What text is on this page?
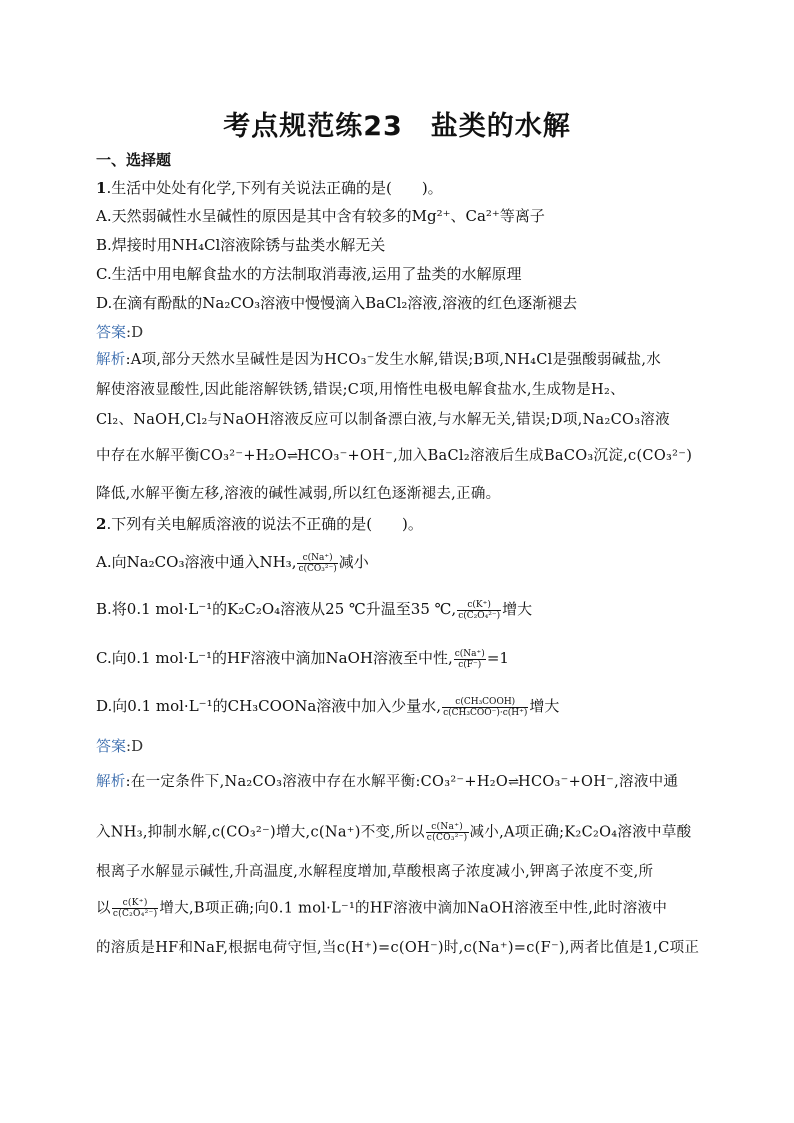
考点规范练23　盐类的水解
一、选择题
1.生活中处处有化学,下列有关说法正确的是(　　)。
A.天然弱碱性水呈碱性的原因是其中含有较多的Mg²⁺、Ca²⁺等离子
B.焊接时用NH₄Cl溶液除锈与盐类水解无关
C.生活中用电解食盐水的方法制取消毒液,运用了盐类的水解原理
D.在滴有酚酞的Na₂CO₃溶液中慢慢滴入BaCl₂溶液,溶液的红色逐渐褪去
答案:D
解析:A项,部分天然水呈碱性是因为HCO₃⁻发生水解,错误;B项,NH₄Cl是强酸弱碱盐,水
解使溶液显酸性,因此能溶解铁锈,错误;C项,用惰性电极电解食盐水,生成物是H₂、
Cl₂、NaOH,Cl₂与NaOH溶液反应可以制备漂白液,与水解无关,错误;D项,Na₂CO₃溶液
中存在水解平衡CO₃²⁻+H₂O⇌HCO₃⁻+OH⁻,加入BaCl₂溶液后生成BaCO₃沉淀,c(CO₃²⁻)
降低,水解平衡左移,溶液的碱性减弱,所以红色逐渐褪去,正确。
2.下列有关电解质溶液的说法不正确的是(　　)。
A.向Na₂CO₃溶液中通入NH₃, $\frac{c(Na^+)}{\text{c(CO₃²⁻)}}$ 减小
B.将0.1 mol·L⁻¹的K₂C₂O₄溶液从25 ℃升温至35 ℃, $\frac{c(K^+)}{\text{c(C₂O₄²⁻)}}$ 增大
C.向0.1 mol·L⁻¹的HF溶液中滴加NaOH溶液至中性, $\frac{c(Na^+)}{c(F^-)} =1$
D.向0.1 mol·L⁻¹的CH₃COONa溶液中加入少量水, $\frac{\text{c(CH₃COOH)}}{\text{c(CH₃COO⁻)·c(H⁺)}}$ 增大
答案:D
解析:在一定条件下,Na₂CO₃溶液中存在水解平衡:CO₃²⁻+H₂O⇌HCO₃⁻+OH⁻,溶液中通
入NH₃,抑制水解,c(CO₃²⁻)增大,c(Na⁺)不变,所以 $\frac{c(Na^+)}{\text{c(CO₃²⁻)}}$ 减小,A项正确;K₂C₂O₄溶液中草酸
根离子水解显示碱性,升高温度,水解程度增加,草酸根离子浓度减小,钾离子浓度不变,所
以 $\frac{c(K^+)}{\text{c(C₂O₄²⁻)}}$ 增大,B项正确;向0.1 mol·L⁻¹的HF溶液中滴加NaOH溶液至中性,此时溶液中
的溶质是HF和NaF,根据电荷守恒,当c(H⁺)=c(OH⁻)时,c(Na⁺)=c(F⁻),两者比值是1,C项正
